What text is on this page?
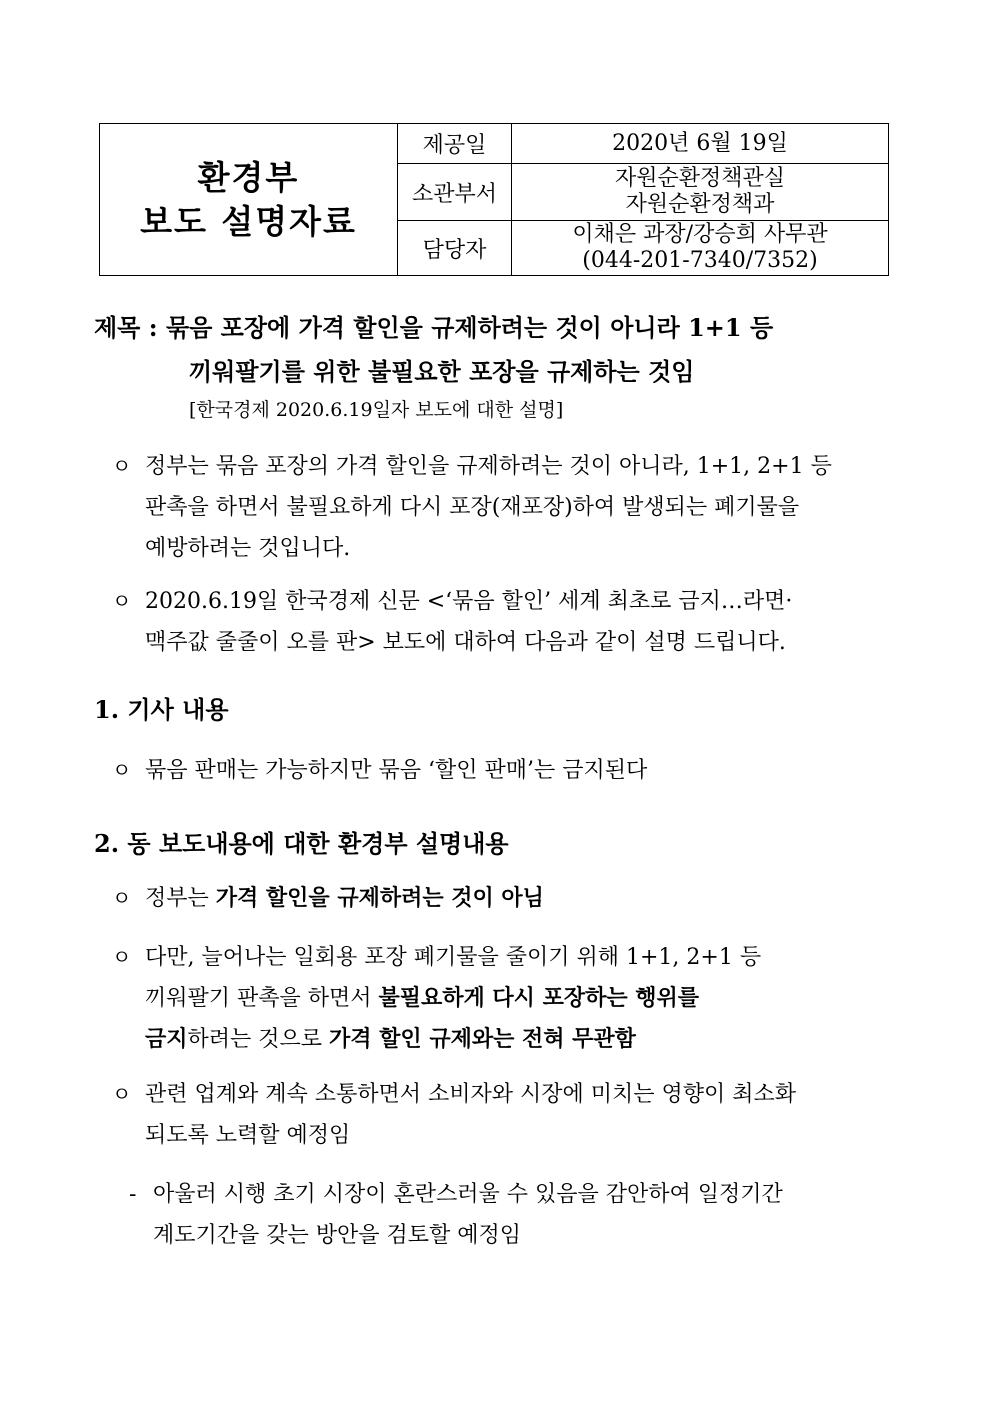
환경부
보도 설명자료	제공일	2020년 6월 19일
	소관부서	자원순환정책관실
자원순환정책과

	담당자	이채은 과장/강승희 사무관
(044-201-7340/7352)
제목 : 묶음 포장에 가격 할인을 규제하려는 것이 아니라 1+1 등
끼워팔기를 위한 불필요한 포장을 규제하는 것임
[한국경제 2020.6.19일자 보도에 대한 설명]
ㅇ 정부는 묶음 포장의 가격 할인을 규제하려는 것이 아니라, 1+1, 2+1 등
판촉을 하면서 불필요하게 다시 포장(재포장)하여 발생되는 폐기물을
예방하려는 것입니다.
ㅇ 2020.6.19일 한국경제 신문 <‘묶음 할인’ 세계 최초로 금지…라면·
맥주값 줄줄이 오를 판> 보도에 대하여 다음과 같이 설명 드립니다.
1. 기사 내용
ㅇ 묶음 판매는 가능하지만 묶음 ‘할인 판매’는 금지된다
2. 동 보도내용에 대한 환경부 설명내용
ㅇ 정부는 가격 할인을 규제하려는 것이 아님
ㅇ 다만, 늘어나는 일회용 포장 폐기물을 줄이기 위해 1+1, 2+1 등
끼워팔기 판촉을 하면서 불필요하게 다시 포장하는 행위를
금지하려는 것으로 가격 할인 규제와는 전혀 무관함
ㅇ 관련 업계와 계속 소통하면서 소비자와 시장에 미치는 영향이 최소화
되도록 노력할 예정임
- 아울러 시행 초기 시장이 혼란스러울 수 있음을 감안하여 일정기간
계도기간을 갖는 방안을 검토할 예정임
